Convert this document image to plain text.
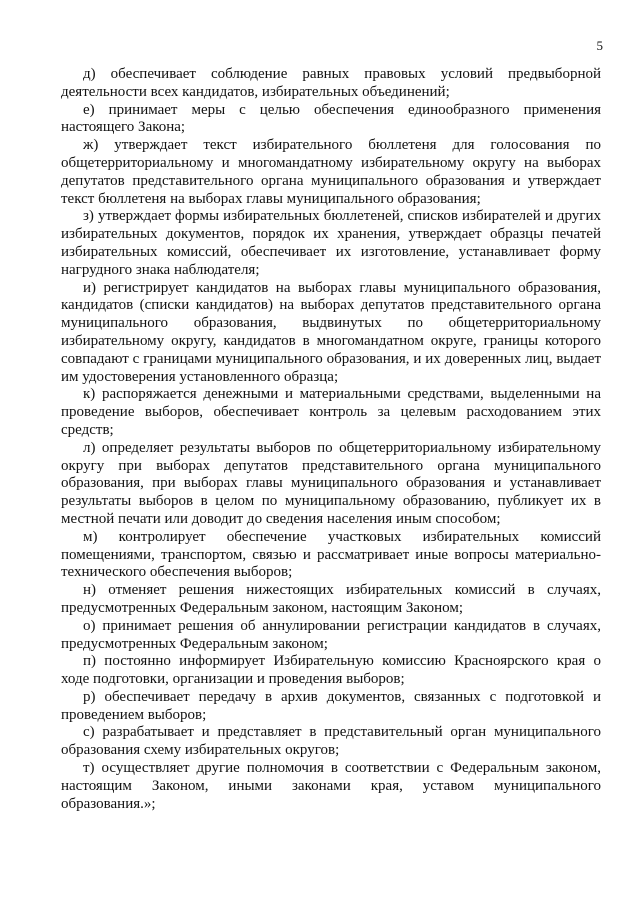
5

д) обеспечивает соблюдение равных правовых условий предвыборной деятельности всех кандидатов, избирательных объединений;

е) принимает меры с целью обеспечения единообразного применения настоящего Закона;

ж) утверждает текст избирательного бюллетеня для голосования по общетерриториальному и многомандатному избирательному округу на выборах депутатов представительного органа муниципального образования и утверждает текст бюллетеня на выборах главы муниципального образования;

з) утверждает формы избирательных бюллетеней, списков избирателей и других избирательных документов, порядок их хранения, утверждает образцы печатей избирательных комиссий, обеспечивает их изготовление, устанавливает форму нагрудного знака наблюдателя;

и) регистрирует кандидатов на выборах главы муниципального образования, кандидатов (списки кандидатов) на выборах депутатов представительного органа муниципального образования, выдвинутых по общетерриториальному избирательному округу, кандидатов в многомандатном округе, границы которого совпадают с границами муниципального образования, и их доверенных лиц, выдает им удостоверения установленного образца;

к) распоряжается денежными и материальными средствами, выделенными на проведение выборов, обеспечивает контроль за целевым расходованием этих средств;

л) определяет результаты выборов по общетерриториальному избирательному округу при выборах депутатов представительного органа муниципального образования, при выборах главы муниципального образования и устанавливает результаты выборов в целом по муниципальному образованию, публикует их в местной печати или доводит до сведения населения иным способом;

м) контролирует обеспечение участковых избирательных комиссий помещениями, транспортом, связью и рассматривает иные вопросы материально-технического обеспечения выборов;

н) отменяет решения нижестоящих избирательных комиссий в случаях, предусмотренных Федеральным законом, настоящим Законом;

о) принимает решения об аннулировании регистрации кандидатов в случаях, предусмотренных Федеральным законом;

п) постоянно информирует Избирательную комиссию Красноярского края о ходе подготовки, организации и проведения выборов;

р) обеспечивает передачу в архив документов, связанных с подготовкой и проведением выборов;

с) разрабатывает и представляет в представительный орган муниципального образования схему избирательных округов;

т) осуществляет другие полномочия в соответствии с Федеральным законом, настоящим Законом, иными законами края, уставом муниципального образования.»;
